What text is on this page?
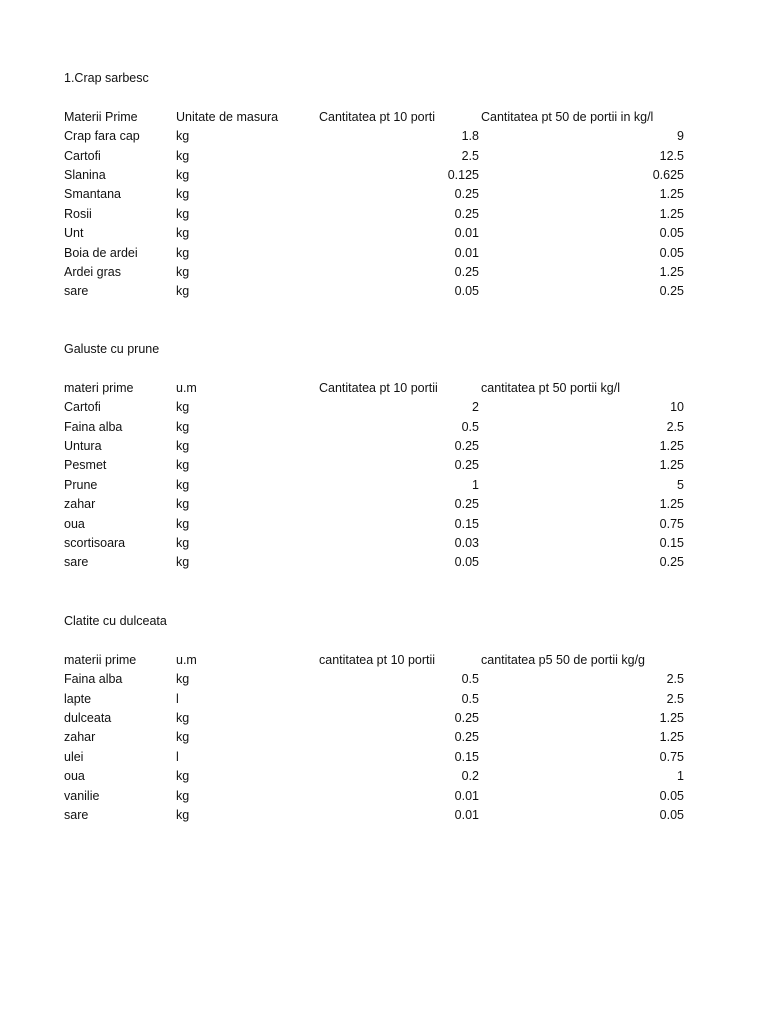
1.Crap sarbesc
Materii Prime	Unitate de masura	Cantitatea pt 10 porti	Cantitatea pt 50 de portii in kg/l
Crap fara cap	kg	1.8	9
Cartofi	kg	2.5	12.5
Slanina	kg	0.125	0.625
Smantana	kg	0.25	1.25
Rosii	kg	0.25	1.25
Unt	kg	0.01	0.05
Boia de ardei	kg	0.01	0.05
Ardei gras	kg	0.25	1.25
sare	kg	0.05	0.25
Galuste cu prune
materi prime	u.m	Cantitatea pt 10 portii	cantitatea pt 50 portii kg/l
Cartofi	kg	2	10
Faina alba	kg	0.5	2.5
Untura	kg	0.25	1.25
Pesmet	kg	0.25	1.25
Prune	kg	1	5
zahar	kg	0.25	1.25
oua	kg	0.15	0.75
scortisoara	kg	0.03	0.15
sare	kg	0.05	0.25
Clatite cu dulceata
materii prime	u.m	cantitatea pt 10 portii	cantitatea p5 50 de portii kg/g
Faina alba	kg	0.5	2.5
lapte	l	0.5	2.5
dulceata	kg	0.25	1.25
zahar	kg	0.25	1.25
ulei	l	0.15	0.75
oua	kg	0.2	1
vanilie	kg	0.01	0.05
sare	kg	0.01	0.05
